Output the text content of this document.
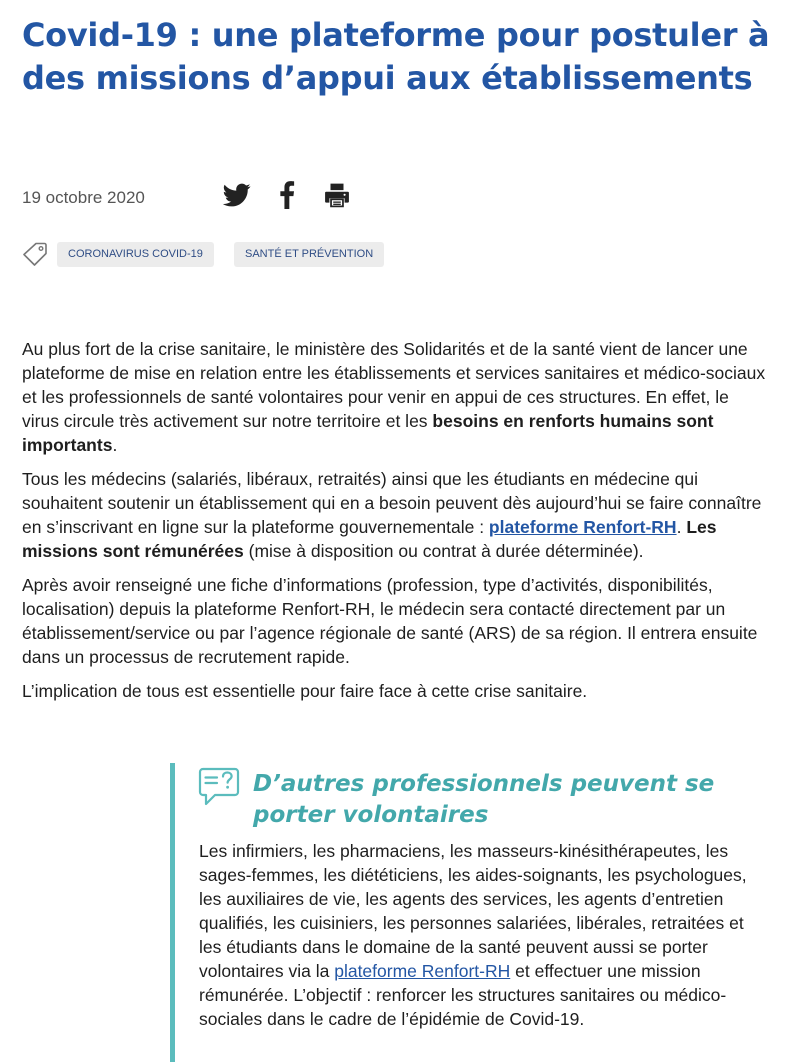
Covid-19 : une plateforme pour postuler à des missions d’appui aux établissements
19 octobre 2020
CORONAVIRUS COVID-19	SANTÉ ET PRÉVENTION

Au plus fort de la crise sanitaire, le ministère des Solidarités et de la santé vient de lancer une plateforme de mise en relation entre les établissements et services sanitaires et médico-sociaux et les professionnels de santé volontaires pour venir en appui de ces structures. En effet, le virus circule très activement sur notre territoire et les besoins en renforts humains sont importants.

Tous les médecins (salariés, libéraux, retraités) ainsi que les étudiants en médecine qui souhaitent soutenir un établissement qui en a besoin peuvent dès aujourd’hui se faire connaître en s’inscrivant en ligne sur la plateforme gouvernementale : plateforme Renfort-RH. Les missions sont rémunérées (mise à disposition ou contrat à durée déterminée).

Après avoir renseigné une fiche d’informations (profession, type d’activités, disponibilités, localisation) depuis la plateforme Renfort-RH, le médecin sera contacté directement par un établissement/service ou par l’agence régionale de santé (ARS) de sa région. Il entrera ensuite dans un processus de recrutement rapide.

L’implication de tous est essentielle pour faire face à cette crise sanitaire.

D’autres professionnels peuvent se porter volontaires

Les infirmiers, les pharmaciens, les masseurs-kinésithérapeutes, les sages-femmes, les diététiciens, les aides-soignants, les psychologues, les auxiliaires de vie, les agents des services, les agents d’entretien qualifiés, les cuisiniers, les personnes salariées, libérales, retraitées et les étudiants dans le domaine de la santé peuvent aussi se porter volontaires via la plateforme Renfort-RH et effectuer une mission rémunérée. L’objectif : renforcer les structures sanitaires ou médico-sociales dans le cadre de l’épidémie de Covid-19.
